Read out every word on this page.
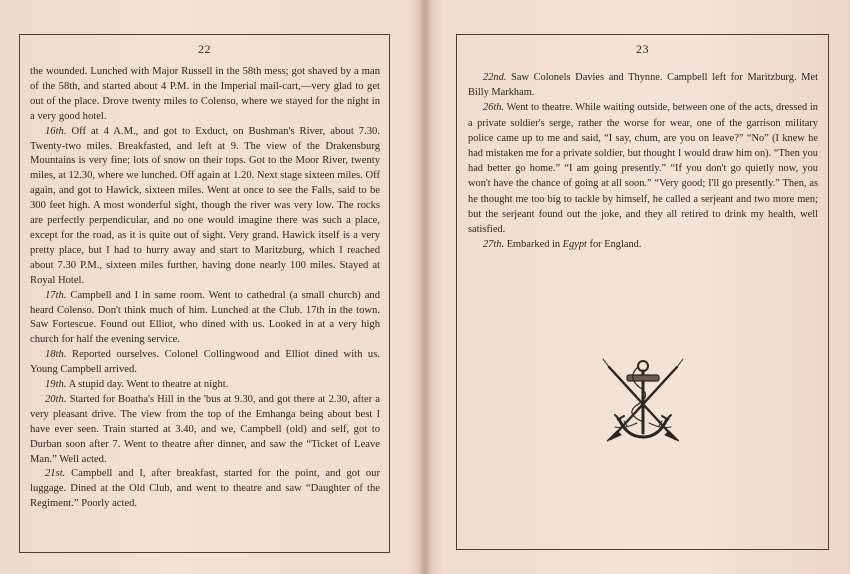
22

the wounded. Lunched with Major Russell in the 58th mess; got shaved by a man of the 58th, and started about 4 P.M. in the Imperial mail-cart,—very glad to get out of the place. Drove twenty miles to Colenso, where we stayed for the night in a very good hotel.

16th. Off at 4 A.M., and got to Exduct, on Bushman's River, about 7.30. Twenty-two miles. Breakfasted, and left at 9. The view of the Drakensburg Mountains is very fine; lots of snow on their tops. Got to the Moor River, twenty miles, at 12.30, where we lunched. Off again at 1.20. Next stage sixteen miles. Off again, and got to Hawick, sixteen miles. Went at once to see the Falls, said to be 300 feet high. A most wonderful sight, though the river was very low. The rocks are perfectly perpendicular, and no one would imagine there was such a place, except for the road, as it is quite out of sight. Very grand. Hawick itself is a very pretty place, but I had to hurry away and start to Maritzburg, which I reached about 7.30 P.M., sixteen miles further, having done nearly 100 miles. Stayed at Royal Hotel.

17th. Campbell and I in same room. Went to cathedral (a small church) and heard Colenso. Don't think much of him. Lunched at the Club. 17th in the town. Saw Fortescue. Found out Elliot, who dined with us. Looked in at a very high church for half the evening service.

18th. Reported ourselves. Colonel Collingwood and Elliot dined with us. Young Campbell arrived.

19th. A stupid day. Went to theatre at night.

20th. Started for Boatha's Hill in the 'bus at 9.30, and got there at 2.30, after a very pleasant drive. The view from the top of the Emhanga being about best I have ever seen. Train started at 3.40, and we, Campbell (old) and self, got to Durban soon after 7. Went to theatre after dinner, and saw the “Ticket of Leave Man.” Well acted.

21st. Campbell and I, after breakfast, started for the point, and got our luggage. Dined at the Old Club, and went to theatre and saw “Daughter of the Regiment.” Poorly acted.

23

22nd. Saw Colonels Davies and Thynne. Campbell left for Maritzburg. Met Billy Markham.

26th. Went to theatre. While waiting outside, between one of the acts, dressed in a private soldier's serge, rather the worse for wear, one of the garrison military police came up to me and said, “I say, chum, are you on leave?” “No” (I knew he had mistaken me for a private soldier, but thought I would draw him on). “Then you had better go home.” “I am going presently.” “If you don't go quietly now, you won't have the chance of going at all soon.” “Very good; I'll go presently.” Then, as he thought me too big to tackle by himself, he called a serjeant and two more men; but the serjeant found out the joke, and they all retired to drink my health, well satisfied.

27th. Embarked in Egypt for England.
